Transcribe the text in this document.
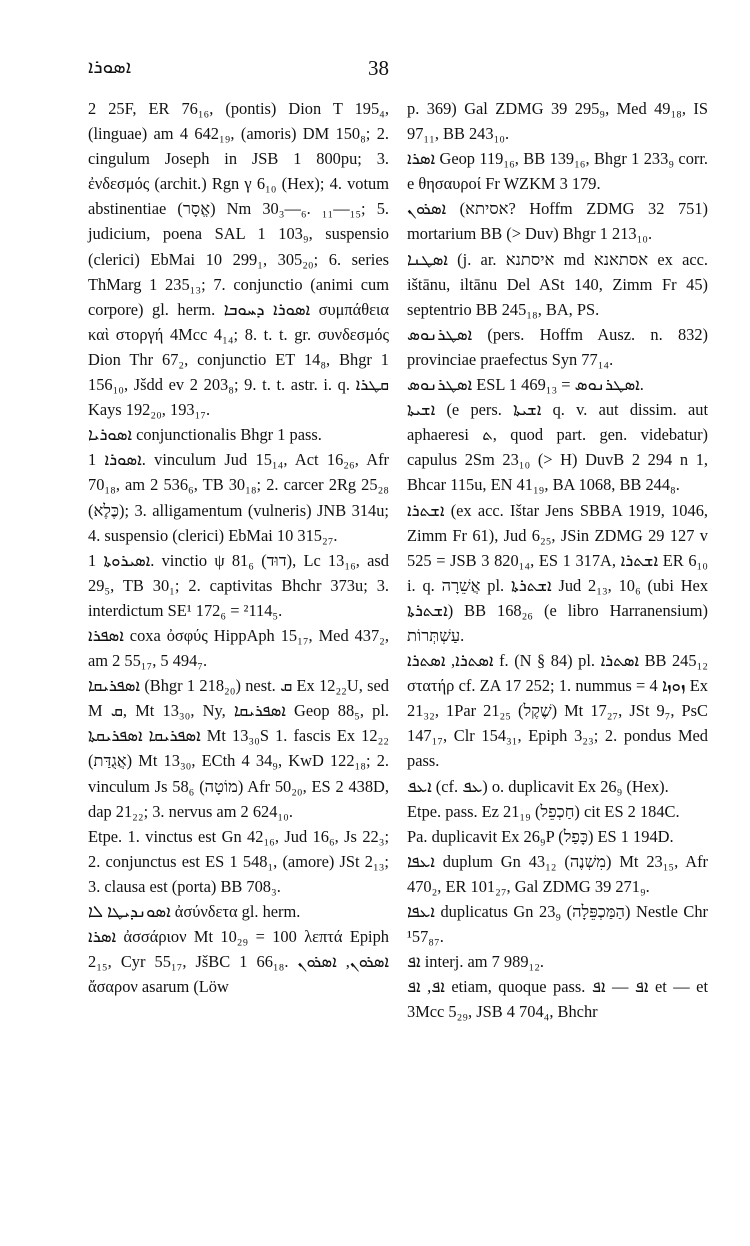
ܐܣܘܪܐ	38

2 25F, ER 76₁₆, (pontis) Dion T 195₄, (linguae) am 4 642₁₉, (amoris) DM 150₈; 2. cingulum Joseph in JSB 1 800pu; 3. ἐνδεσμός (archit.) Rgn γ 6₁₀ (Hex); 4. votum abstinentiae (אֱסָר) Nm 30₃—₆. ₁₁—₁₅; 5. judicium, poena SAL 1 103₉, suspensio (clerici) EbMai 10 299₁, 305₂₀; 6. series ThMarg 1 235₁₃; 7. conjunctio (animi cum corpore) gl. herm. ܐܣܘܪܐ ܕܚܘܒܐ συμπάθεια καὶ στοργή 4Mcc 4₁₄; 8. t. t. gr. συνδεσμός Dion Thr 67₂, conjunctio ET 14₈, Bhgr 1 156₁₀, Jšdd ev 2 203₈; 9. t. t. astr. i. q. ܩܛܪܐ Kays 192₂₀, 193₁₇.

ܐܣܘܪܝܐ conjunctionalis Bhgr 1 pass.

ܐܣܘܪܐ 1. vinculum Jud 15₁₄, Act 16₂₆, Afr 70₁₈, am 2 536₆, TB 30₁₈; 2. carcer 2Rg 25₂₈ (כֶּלֶא); 3. alligamentum (vulneris) JNB 314u; 4. suspensio (clerici) EbMai 10 315₂₇.

ܐܣܝܪܘܬܐ 1. vinctio ψ 81₆ (דוּד), Lc 13₁₆, asd 29₅, TB 30₁; 2. captivitas Bhchr 373u; 3. interdictum SE¹ 172₆ = ²114₅.

ܐܣܦܪܐ coxa ὀσφύς HippAph 15₁₇, Med 437₂, am 2 55₁₇, 5 494₇.

ܐܣܦܪܝܩܐ (Bhgr 1 218₂₀) nest. ܩ Ex 12₂₂U, sed M ܩ, Mt 13₃₀, Ny, ܐܣܦܪܝܩܐ Geop 88₅, pl. ܐܣܦܪܝܩܐ ܐܣܦܪܝܩܬܐ Mt 13₃₀S 1. fascis Ex 12₂₂ (אֲגֻדַּת) Mt 13₃₀, ECth 4 34₉, KwD 122₁₈; 2. vinculum Js 58₆ (מוֹטָה) Afr 50₂₀, ES 2 438D, dap 21₂₂; 3. nervus am 2 624₁₀.

Etpe. 1. vinctus est Gn 42₁₆, Jud 16₆, Js 22₃; 2. conjunctus est ES 1 548₁, (amore) JSt 2₁₃; 3. clausa est (porta) BB 708₃.

ܐܣܘܢܕܝܛܐ ܠܐ ἀσύνδετα gl. herm.

ܐܣܪܐ ἀσσάριον Mt 10₂₉ = 100 λεπτά Epiph 2₁₅, Cyr 55₁₇, JšBC 1 66₁₈. ܐܣܪܘܢ, ܐܣܪܘܢ ἄσαρον asarum (Löw

p. 369) Gal ZDMG 39 295₉, Med 49₁₈, IS 97₁₁, BB 243₁₀.

ܐܣܪܐ Geop 119₁₆, BB 139₁₆, Bhgr 1 233₉ corr. e θησαυροί Fr WZKM 3 179.

ܐܣܪܘܢ (אסיתא? Hoffm ZDMG 32 751) mortarium BB (> Duv) Bhgr 1 213₁₀.

ܐܣܛܢܐ (j. ar. איסתנא md אסתאנא ex acc. ištānu, iltānu Del ASt 140, Zimm Fr 45) septentrio BB 245₁₈, BA, PS.

ܐܣܛܪܢܘܣ (pers. Hoffm Ausz. n. 832) provinciae praefectus Syn 77₁₄.

ܐܣܛܪܢܘܣ ESL 1 469₁₃ = ܐܣܛܪܢܘܣ.

ܐܫܝܬܐ (e pers. ܐܫܝܬܐ q. v. aut dissim. aut aphaeresi ܬ, quod part. gen. videbatur) capulus 2Sm 23₁₀ (> H) DuvB 2 294 n 1, Bhcar 115u, EN 41₁₉, BA 1068, BB 244₈.

ܐܫܬܪܐ (ex acc. Ištar Jens SBBA 1919, 1046, Zimm Fr 61), Jud 6₂₅, JSin ZDMG 29 127 v 525 = JSB 3 820₁₄, ES 1 317A, ܐܫܬܪܐ ER 6₁₀ i. q. אֲשֵׁרָה pl. ܐܫܬܪܬܐ Jud 2₁₃, 10₆ (ubi Hex ܐܫܬܪܬܐ) BB 168₂₆ (e libro Harranensium) עַשְׁתְּרוֹת.

ܐܣܬܪܐ, ܐܣܬܪܐ f. (N § 84) pl. ܐܣܬܪܐ BB 245₁₂ στατήρ cf. ZA 17 252; 1. nummus = 4 ܙܘܙܐ Ex 21₃₂, 1Par 21₂₅ (שֶׁקֶל) Mt 17₂₇, JSt 9₇, PsC 147₁₇, Clr 154₃₁, Epiph 3₂₃; 2. pondus Med pass.

ܐܥܦ (cf. ܥܦ) o. duplicavit Ex 26₉ (Hex).

Etpe. pass. Ez 21₁₉ (חַכְפֵל) cit ES 2 184C.

Pa. duplicavit Ex 26₉P (כָּפַל) ES 1 194D.

ܐܥܦܐ duplum Gn 43₁₂ (מִשְׁנֶה) Mt 23₁₅, Afr 470₂, ER 101₂₇, Gal ZDMG 39 271₉.

ܐܥܦܐ duplicatus Gn 23₉ (הַמַּכְפֵּלָה) Nestle Chr ¹57₈₇.

ܐܦ interj. am 7 989₁₂.

ܐܦ, ܐܦ etiam, quoque pass. ܐܦ — ܐܦ et — et 3Mcc 5₂₉, JSB 4 704₄, Bhchr
